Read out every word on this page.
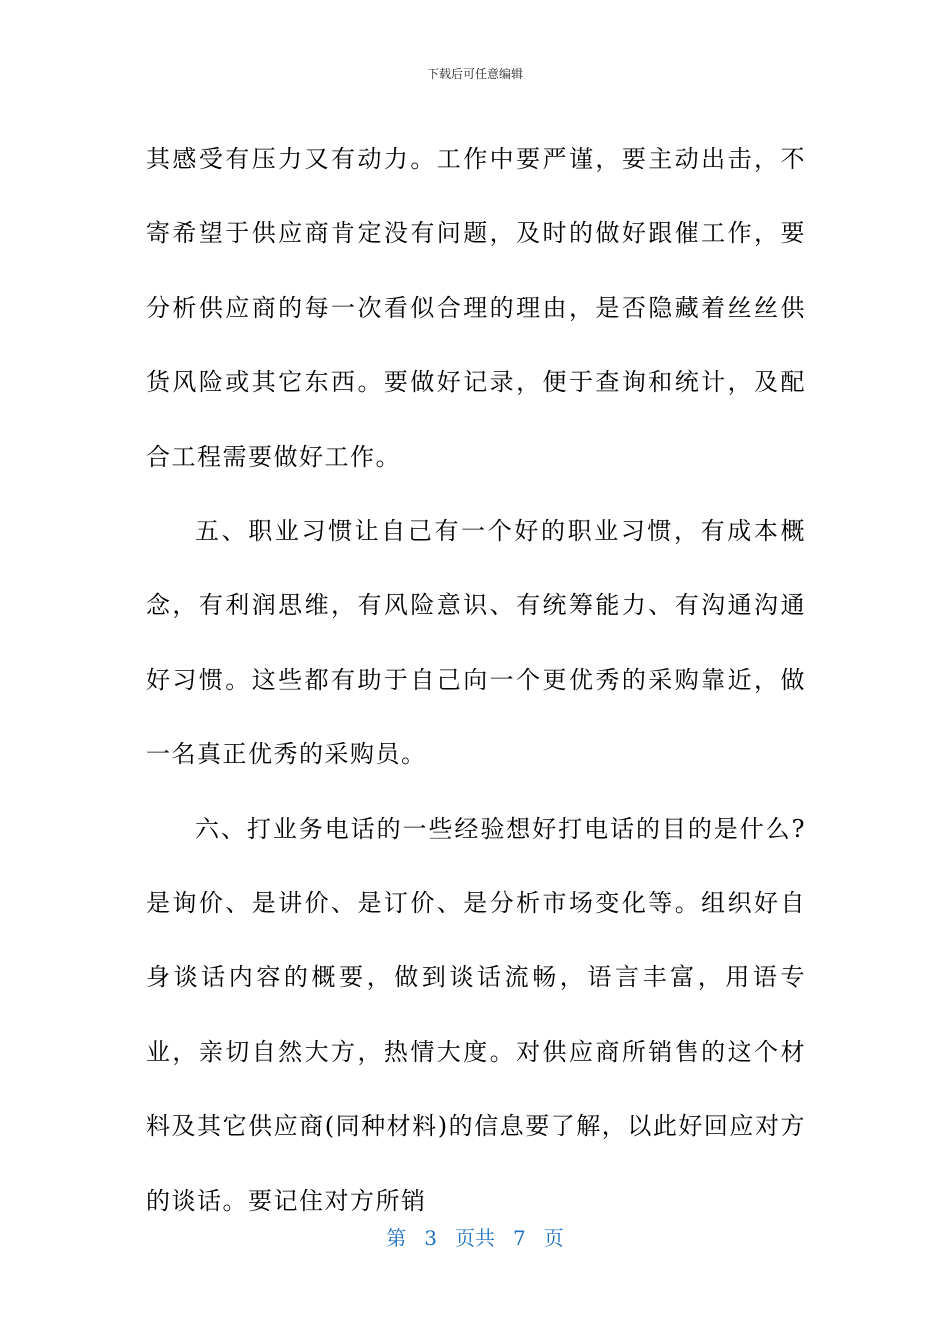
下载后可任意编辑

其感受有压力又有动力。工作中要严谨，要主动出击，不寄希望于供应商肯定没有问题，及时的做好跟催工作，要分析供应商的每一次看似合理的理由，是否隐藏着丝丝供货风险或其它东西。要做好记录，便于查询和统计，及配合工程需要做好工作。

五、职业习惯让自己有一个好的职业习惯，有成本概念，有利润思维，有风险意识、有统筹能力、有沟通沟通好习惯。这些都有助于自己向一个更优秀的采购靠近，做一名真正优秀的采购员。

六、打业务电话的一些经验想好打电话的目的是什么?是询价、是讲价、是订价、是分析市场变化等。组织好自身谈话内容的概要，做到谈话流畅，语言丰富，用语专业，亲切自然大方，热情大度。对供应商所销售的这个材料及其它供应商(同种材料)的信息要了解，以此好回应对方的谈话。要记住对方所销

第 3 页共 7 页
